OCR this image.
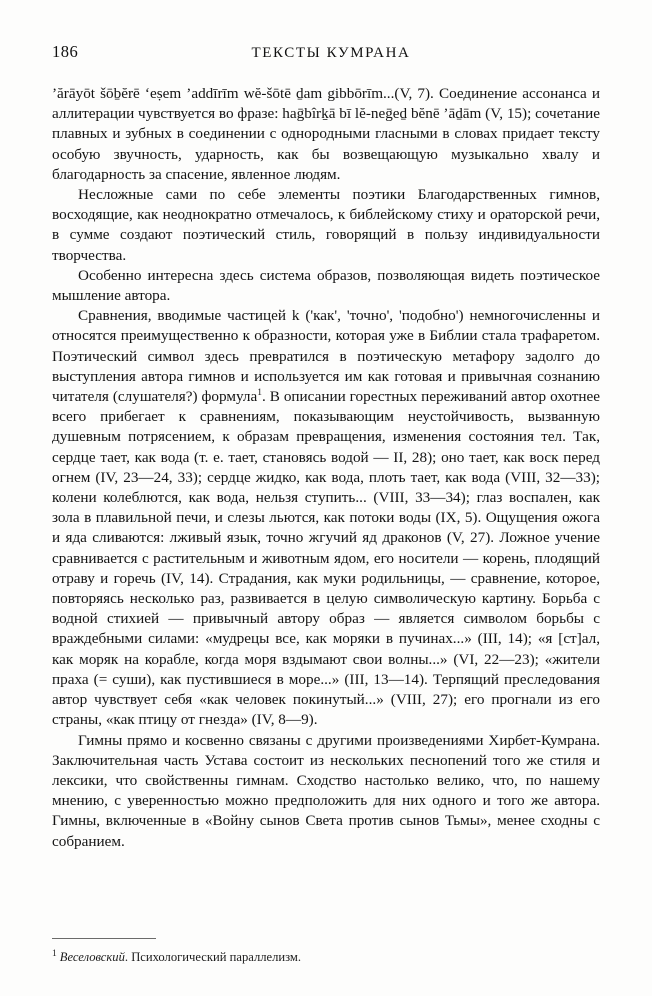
186	ТЕКСТЫ КУМРАНА

’ărāyōt šōḇĕrē ‘eṣem ’addīrīm wĕ-šōtē ḏam gibbōrīm...(V, 7). Соединение ассонанса и аллитерации чувствуется во фразе: haḡbîrḵā bī lĕ-neḡeḏ bĕnē ’āḏām (V, 15); сочетание плавных и зубных в соединении с однородными гласными в словах придает тексту особую звучность, ударность, как бы возвещающую музыкально хвалу и благодарность за спасение, явленное людям.

Несложные сами по себе элементы поэтики Благодарственных гимнов, восходящие, как неоднократно отмечалось, к библейскому стиху и ораторской речи, в сумме создают поэтический стиль, говорящий в пользу индивидуальности творчества.

Особенно интересна здесь система образов, позволяющая видеть поэтическое мышление автора.

Сравнения, вводимые частицей k ('как', 'точно', 'подобно') немногочисленны и относятся преимущественно к образности, которая уже в Библии стала трафаретом. Поэтический символ здесь превратился в поэтическую метафору задолго до выступления автора гимнов и используется им как готовая и привычная сознанию читателя (слушателя?) формула$^1$. В описании горестных переживаний автор охотнее всего прибегает к сравнениям, показывающим неустойчивость, вызванную душевным потрясением, к образам превращения, изменения состояния тел. Так, сердце тает, как вода (т. е. тает, становясь водой — II, 28); оно тает, как воск перед огнем (IV, 23—24, 33); сердце жидко, как вода, плоть тает, как вода (VIII, 32—33); колени колеблются, как вода, нельзя ступить... (VIII, 33—34); глаз воспален, как зола в плавильной печи, и слезы льются, как потоки воды (IX, 5). Ощущения ожога и яда сливаются: лживый язык, точно жгучий яд драконов (V, 27). Ложное учение сравнивается с растительным и животным ядом, его носители — корень, плодящий отраву и горечь (IV, 14). Страдания, как муки родильницы, — сравнение, которое, повторяясь несколько раз, развивается в целую символическую картину. Борьба с водной стихией — привычный автору образ — является символом борьбы с враждебными силами: «мудрецы все, как моряки в пучинах...» (III, 14); «я [ст]ал, как моряк на корабле, когда моря вздымают свои волны...» (VI, 22—23); «жители праха (= суши), как пустившиеся в море...» (III, 13—14). Терпящий преследования автор чувствует себя «как человек покинутый...» (VIII, 27); его прогнали из его страны, «как птицу от гнезда» (IV, 8—9).

Гимны прямо и косвенно связаны с другими произведениями Хирбет-Кумрана. Заключительная часть Устава состоит из нескольких песнопений того же стиля и лексики, что свойственны гимнам. Сходство настолько велико, что, по нашему мнению, с уверенностью можно предположить для них одного и того же автора. Гимны, включенные в «Войну сынов Света против сынов Тьмы», менее сходны с собранием.

$^1$ Веселовский. Психологический параллелизм.
